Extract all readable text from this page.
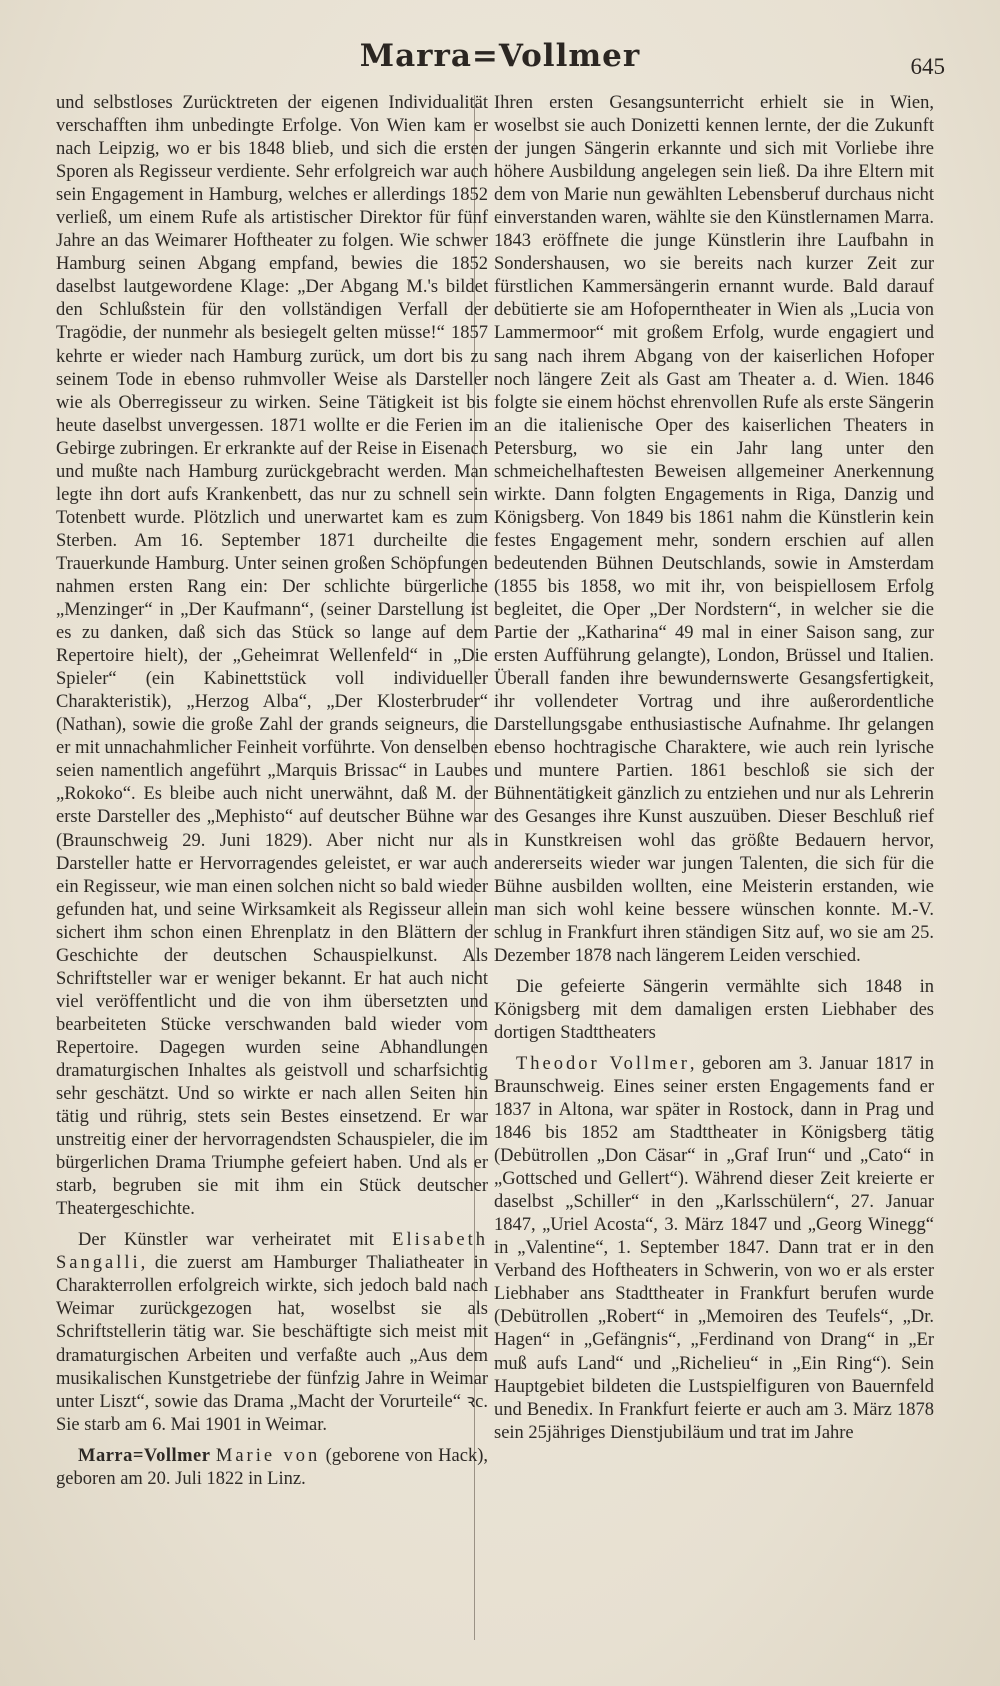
Marra=Vollmer	645

und selbstloses Zurücktreten der eigenen Individualität verschafften ihm unbedingte Erfolge. Von Wien kam er nach Leipzig, wo er bis 1848 blieb, und sich die ersten Sporen als Regisseur verdiente. Sehr erfolgreich war auch sein Engagement in Hamburg, welches er allerdings 1852 verließ, um einem Rufe als artistischer Direktor für fünf Jahre an das Weimarer Hoftheater zu folgen. Wie schwer Hamburg seinen Abgang empfand, bewies die 1852 daselbst lautgewordene Klage: „Der Abgang M.'s bildet den Schlußstein für den vollständigen Verfall der Tragödie, der nunmehr als besiegelt gelten müsse!“ 1857 kehrte er wieder nach Hamburg zurück, um dort bis zu seinem Tode in ebenso ruhmvoller Weise als Darsteller wie als Oberregisseur zu wirken. Seine Tätigkeit ist bis heute daselbst unvergessen. 1871 wollte er die Ferien im Gebirge zubringen. Er erkrankte auf der Reise in Eisenach und mußte nach Hamburg zurückgebracht werden. Man legte ihn dort aufs Krankenbett, das nur zu schnell sein Totenbett wurde. Plötzlich und unerwartet kam es zum Sterben. Am 16. September 1871 durcheilte die Trauerkunde Hamburg. Unter seinen großen Schöpfungen nahmen ersten Rang ein: Der schlichte bürgerliche „Menzinger“ in „Der Kaufmann“, (seiner Darstellung ist es zu danken, daß sich das Stück so lange auf dem Repertoire hielt), der „Geheimrat Wellenfeld“ in „Die Spieler“ (ein Kabinettstück voll individueller Charakteristik), „Herzog Alba“, „Der Klosterbruder“ (Nathan), sowie die große Zahl der grands seigneurs, die er mit unnachahmlicher Feinheit vorführte. Von denselben seien namentlich angeführt „Marquis Brissac“ in Laubes „Rokoko“. Es bleibe auch nicht unerwähnt, daß M. der erste Darsteller des „Mephisto“ auf deutscher Bühne war (Braunschweig 29. Juni 1829). Aber nicht nur als Darsteller hatte er Hervorragendes geleistet, er war auch ein Regisseur, wie man einen solchen nicht so bald wieder gefunden hat, und seine Wirksamkeit als Regisseur allein sichert ihm schon einen Ehrenplatz in den Blättern der Geschichte der deutschen Schauspielkunst. Als Schriftsteller war er weniger bekannt. Er hat auch nicht viel veröffentlicht und die von ihm übersetzten und bearbeiteten Stücke verschwanden bald wieder vom Repertoire. Dagegen wurden seine Abhandlungen dramaturgischen Inhaltes als geistvoll und scharfsichtig sehr geschätzt. Und so wirkte er nach allen Seiten hin tätig und rührig, stets sein Bestes einsetzend. Er war unstreitig einer der hervorragendsten Schauspieler, die im bürgerlichen Drama Triumphe gefeiert haben. Und als er starb, begruben sie mit ihm ein Stück deutscher Theatergeschichte.

Der Künstler war verheiratet mit Elisabeth Sangalli, die zuerst am Hamburger Thaliatheater in Charakterrollen erfolgreich wirkte, sich jedoch bald nach Weimar zurückgezogen hat, woselbst sie als Schriftstellerin tätig war. Sie beschäftigte sich meist mit dramaturgischen Arbeiten und verfaßte auch „Aus dem musikalischen Kunstgetriebe der fünfzig Jahre in Weimar unter Liszt“, sowie das Drama „Macht der Vorurteile“ ꝛc. Sie starb am 6. Mai 1901 in Weimar.

Marra=Vollmer Marie von (geborene von Hack), geboren am 20. Juli 1822 in Linz.

Ihren ersten Gesangsunterricht erhielt sie in Wien, woselbst sie auch Donizetti kennen lernte, der die Zukunft der jungen Sängerin erkannte und sich mit Vorliebe ihre höhere Ausbildung angelegen sein ließ. Da ihre Eltern mit dem von Marie nun gewählten Lebensberuf durchaus nicht einverstanden waren, wählte sie den Künstlernamen Marra. 1843 eröffnete die junge Künstlerin ihre Laufbahn in Sondershausen, wo sie bereits nach kurzer Zeit zur fürstlichen Kammersängerin ernannt wurde. Bald darauf debütierte sie am Hofoperntheater in Wien als „Lucia von Lammermoor“ mit großem Erfolg, wurde engagiert und sang nach ihrem Abgang von der kaiserlichen Hofoper noch längere Zeit als Gast am Theater a. d. Wien. 1846 folgte sie einem höchst ehrenvollen Rufe als erste Sängerin an die italienische Oper des kaiserlichen Theaters in Petersburg, wo sie ein Jahr lang unter den schmeichelhaftesten Beweisen allgemeiner Anerkennung wirkte. Dann folgten Engagements in Riga, Danzig und Königsberg. Von 1849 bis 1861 nahm die Künstlerin kein festes Engagement mehr, sondern erschien auf allen bedeutenden Bühnen Deutschlands, sowie in Amsterdam (1855 bis 1858, wo mit ihr, von beispiellosem Erfolg begleitet, die Oper „Der Nordstern“, in welcher sie die Partie der „Katharina“ 49 mal in einer Saison sang, zur ersten Aufführung gelangte), London, Brüssel und Italien. Überall fanden ihre bewundernswerte Gesangsfertigkeit, ihr vollendeter Vortrag und ihre außerordentliche Darstellungsgabe enthusiastische Aufnahme. Ihr gelangen ebenso hochtragische Charaktere, wie auch rein lyrische und muntere Partien. 1861 beschloß sie sich der Bühnentätigkeit gänzlich zu entziehen und nur als Lehrerin des Gesanges ihre Kunst auszuüben. Dieser Beschluß rief in Kunstkreisen wohl das größte Bedauern hervor, andererseits wieder war jungen Talenten, die sich für die Bühne ausbilden wollten, eine Meisterin erstanden, wie man sich wohl keine bessere wünschen konnte. M.-V. schlug in Frankfurt ihren ständigen Sitz auf, wo sie am 25. Dezember 1878 nach längerem Leiden verschied.

Die gefeierte Sängerin vermählte sich 1848 in Königsberg mit dem damaligen ersten Liebhaber des dortigen Stadttheaters

Theodor Vollmer, geboren am 3. Januar 1817 in Braunschweig. Eines seiner ersten Engagements fand er 1837 in Altona, war später in Rostock, dann in Prag und 1846 bis 1852 am Stadttheater in Königsberg tätig (Debütrollen „Don Cäsar“ in „Graf Irun“ und „Cato“ in „Gottsched und Gellert“). Während dieser Zeit kreierte er daselbst „Schiller“ in den „Karlsschülern“, 27. Januar 1847, „Uriel Acosta“, 3. März 1847 und „Georg Winegg“ in „Valentine“, 1. September 1847. Dann trat er in den Verband des Hoftheaters in Schwerin, von wo er als erster Liebhaber ans Stadttheater in Frankfurt berufen wurde (Debütrollen „Robert“ in „Memoiren des Teufels“, „Dr. Hagen“ in „Gefängnis“, „Ferdinand von Drang“ in „Er muß aufs Land“ und „Richelieu“ in „Ein Ring“). Sein Hauptgebiet bildeten die Lustspielfiguren von Bauernfeld und Benedix. In Frankfurt feierte er auch am 3. März 1878 sein 25jähriges Dienstjubiläum und trat im Jahre
